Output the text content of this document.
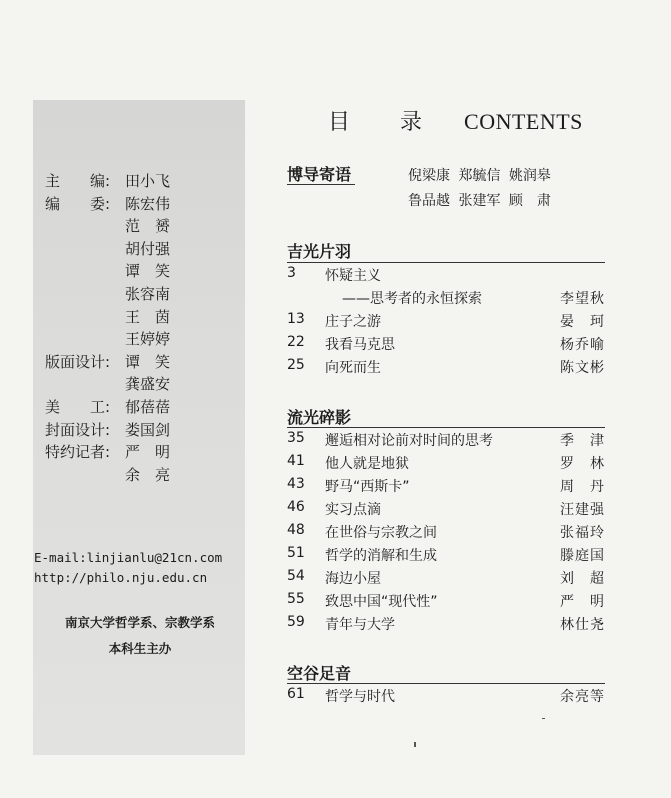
主　　编: 田小飞
编　　委: 陈宏伟
范　赟
胡付强
谭　笑
张容南
王　茵
王婷婷
版面设计: 谭　笑
龚盛安
美　　工: 郁蓓蓓
封面设计: 娄国剑
特约记者: 严　明
余　亮
E-mail:linjianlu@21cn.com
http://philo.nju.edu.cn
南京大学哲学系、宗教学系
本科生主办
目 录 CONTENTS
博导寄语	倪梁康 郑毓信 姚润皋
鲁品越 张建军 顾　肃
吉光片羽
3	怀疑主义
——思考者的永恒探索	李望秋
13	庄子之游	晏　珂
22	我看马克思	杨乔喻
25	向死而生	陈文彬
流光碎影
35	邂逅相对论前对时间的思考	季　津
41	他人就是地狱	罗　林
43	野马“西斯卡”	周　丹
46	实习点滴	汪建强
48	在世俗与宗教之间	张福玲
51	哲学的消解和生成	滕庭国
54	海边小屋	刘　超
55	致思中国“现代性”	严　明
59	青年与大学	林仕尧
空谷足音
61	哲学与时代	余亮等
